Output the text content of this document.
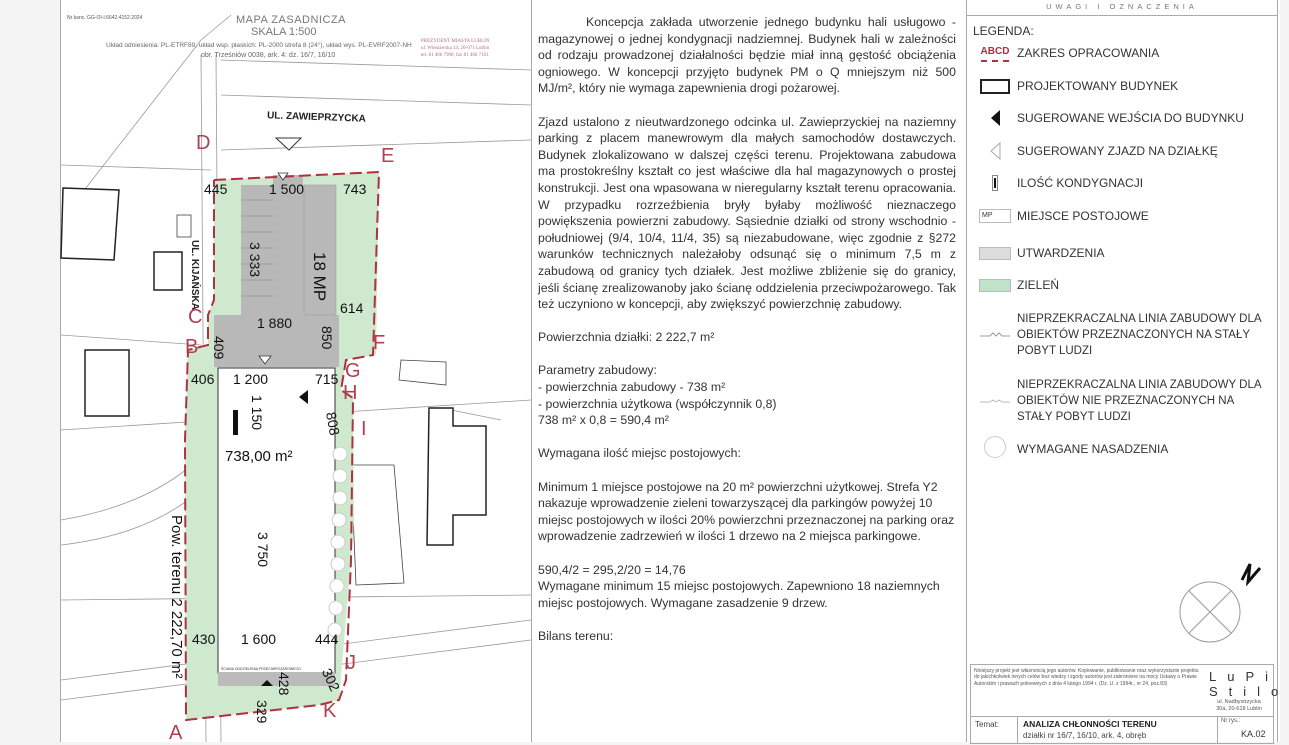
Nr kanc. GG-OI-I.6642.4152.2024	MAPA ZASADNICZA
SKALA 1:500
Układ odniesienia: PL-ETRF89, układ wsp. płaskich: PL-2000 strefa 8 (24°), układ wys. PL-EVRF2007-NH
obr. Trześniów 0038, ark. 4: dz. 16/7, 16/10
PREZYDENT MIASTA LUBLIN
ul. Wieniawska 14, 20-071 Lublin
tel. 81 466 7900, fax 81 466 7101
UL. ZAWIEPRZYCKA
UL. KIJAŃSKA
D
E
C
B	F
G
H
I
J
K
A
445	1 500	743
3 333	18 MP
614
1 880
850
409
406 1 200	715
1 150	808
738,00 m²
3 750
Pow. terenu 2 222,70 m² 430 1 600	444
428 302
329
ŚCIANA ODDZIELENIA PRZECIWPOŻAROWEGO

Koncepcja zakłada utworzenie jednego budynku hali usługowo - magazynowej o jednej kondygnacji nadziemnej. Budynek hali w zależności od rodzaju prowadzonej działalności będzie miał inną gęstość obciążenia ogniowego. W koncepcji przyjęto budynek PM o Q mniejszym niż 500 MJ/m², który nie wymaga zapewnienia drogi pożarowej.

Zjazd ustalono z nieutwardzonego odcinka ul. Zawieprzyckiej na naziemny parking z placem manewrowym dla małych samochodów dostawczych. Budynek zlokalizowano w dalszej części terenu. Projektowana zabudowa ma prostokreślny kształt co jest właściwe dla hal magazynowych o prostej konstrukcji. Jest ona wpasowana w nieregularny kształt terenu opracowania. W przypadku rozrzeźbienia bryły byłaby możliwość nieznaczego powiększenia powierzni zabudowy. Sąsiednie działki od strony wschodnio - południowej (9/4, 10/4, 11/4, 35) są niezabudowane, więc zgodnie z §272 warunków technicznych należałoby odsunąć się o minimum 7,5 m z zabudową od granicy tych działek. Jest możliwe zbliżenie się do granicy, jeśli ścianę zrealizowanoby jako ścianę oddzielenia przeciwpożarowego. Tak też uczyniono w koncepcji, aby zwiększyć powierzchnię zabudowy.

Powierzchnia działki: 2 222,7 m²

Parametry zabudowy:
- powierzchnia zabudowy - 738 m²
- powierzchnia użytkowa (współczynnik 0,8)

738 m² x 0,8 = 590,4 m²

Wymagana ilość miejsc postojowych:

Minimum 1 miejsce postojowe na 20 m² powierzchni użytkowej. Strefa Y2 nakazuje wprowadzenie zieleni towarzyszącej dla parkingów powyżej 10 miejsc postojowych w ilości 20% powierzchni przeznaczonej na parking oraz wprowadzenie zadrzewień w ilości 1 drzewo na 2 miejsca parkingowe.

590,4/2 = 295,2/20 = 14,76

Wymagane minimum 15 miejsc postojowych. Zapewniono 18 naziemnych miejsc postojowych. Wymagane zasadzenie 9 drzew.

Bilans terenu:
UWAGI I OZNACZENIA
LEGENDA:
ABCD ZAKRES OPRACOWANIA
PROJEKTOWANY BUDYNEK
SUGEROWANE WEJŚCIA DO BUDYNKU
SUGEROWANY ZJAZD NA DZIAŁKĘ
ILOŚĆ KONDYGNACJI
MP	MIEJSCE POSTOJOWE
UTWARDZENIA
ZIELEŃ
NIEPRZEKRACZALNA LINIA ZABUDOWY DLA OBIEKTÓW PRZEZNACZONYCH NA STAŁY POBYT LUDZI
NIEPRZEKRACZALNA LINIA ZABUDOWY DLA OBIEKTÓW NIE PRZEZNACZONYCH NA STAŁY POBYT LUDZI
WYMAGANE NASADZENIA
Niniejszy projekt jest własnością jego autorów. Kopiowanie, publikowanie oraz wykorzystanie projektu do jakichkolwiek innych celów bez wiedzy i zgody autorów jest zabronione na mocy Ustawy o Prawie Autorskim i prawach pokrewnych z dnia 4 lutego 1994 r. (Dz. U. z 1994r., nr 24, poz.83)	LuPi
Stilo
ul. Nadbystrzycka
30a, 20-618 Lublin
Temat:	ANALIZA CHŁONNOŚCI TERENU
działki nr 16/7, 16/10, ark. 4, obręb
Nr rys.:
KA.02
